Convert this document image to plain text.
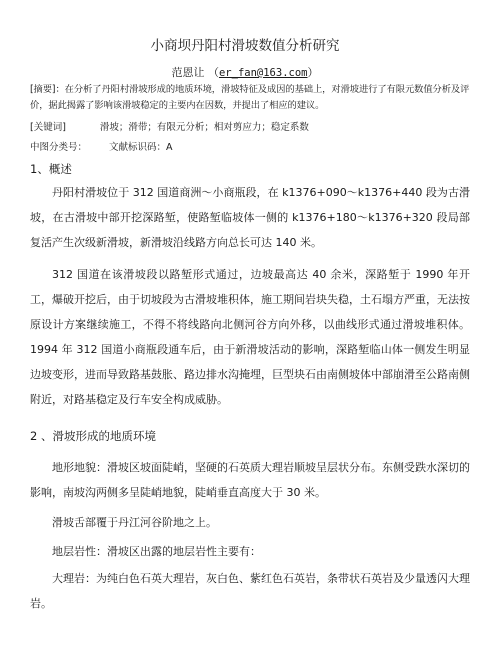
小商坝丹阳村滑坡数值分析研究
范恩让 （er_fan@163.com）
[摘要]：在分析了丹阳村滑坡形成的地质环境，滑坡特征及成因的基础上，对滑坡进行了有限元数值分析及评价，据此揭露了影响该滑坡稳定的主要内在因数，并提出了相应的建议。
[关键词]	滑坡；滑带；有限元分析；相对剪应力；稳定系数
中图分类号： 文献标识码：A
1、概述
丹阳村滑坡位于 312 国道商洲～小商瓶段，在 k1376+090～k1376+440 段为古滑坡，在古滑坡中部开挖深路堑，使路堑临坡体一侧的 k1376+180～k1376+320 段局部复活产生次级新滑坡，新滑坡沿线路方向总长可达 140 米。
312 国道在该滑坡段以路堑形式通过，边坡最高达 40 余米，深路堑于 1990 年开工，爆破开挖后，由于切坡段为古滑坡堆积体，施工期间岩块失稳，土石塌方严重，无法按原设计方案继续施工，不得不将线路向北侧河谷方向外移，以曲线形式通过滑坡堆积体。1994 年 312 国道小商瓶段通车后，由于新滑坡活动的影响，深路堑临山体一侧发生明显边坡变形，进而导致路基鼓胀、路边排水沟掩埋，巨型块石由南侧坡体中部崩滑至公路南侧附近，对路基稳定及行车安全构成威胁。
2 、滑坡形成的地质环境
地形地貌：滑坡区坡面陡峭，坚硬的石英质大理岩顺坡呈层状分布。东侧受跌水深切的影响，南坡沟两侧多呈陡峭地貌，陡峭垂直高度大于 30 米。
滑坡舌部覆于丹江河谷阶地之上。
地层岩性：滑坡区出露的地层岩性主要有：
大理岩：为纯白色石英大理岩，灰白色、紫红色石英岩，条带状石英岩及少量透闪大理岩。
